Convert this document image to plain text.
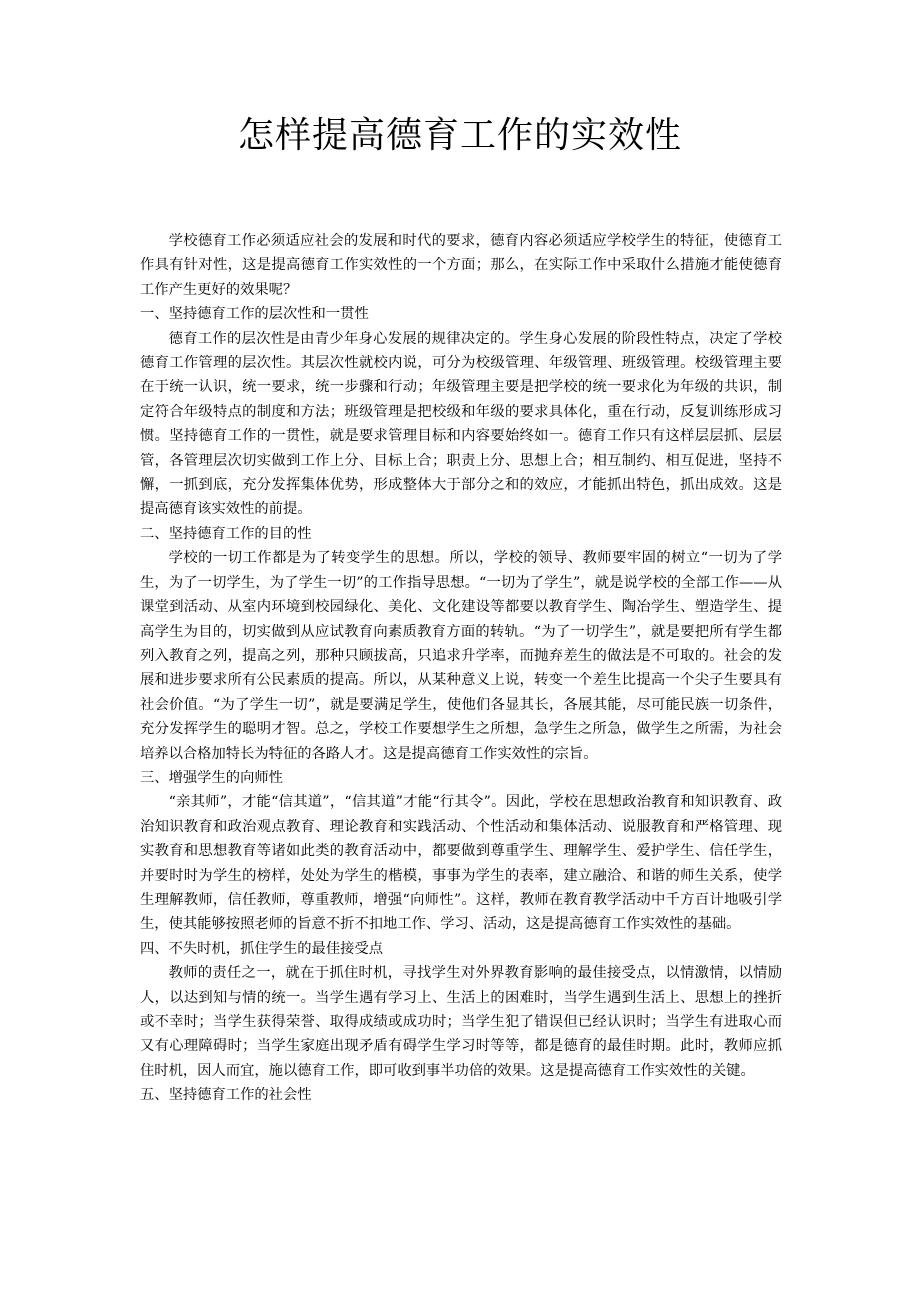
怎样提高德育工作的实效性

学校德育工作必须适应社会的发展和时代的要求，德育内容必须适应学校学生的特征，使德育工作具有针对性，这是提高德育工作实效性的一个方面；那么，在实际工作中采取什么措施才能使德育工作产生更好的效果呢？

一、坚持德育工作的层次性和一贯性

德育工作的层次性是由青少年身心发展的规律决定的。学生身心发展的阶段性特点，决定了学校德育工作管理的层次性。其层次性就校内说，可分为校级管理、年级管理、班级管理。校级管理主要在于统一认识，统一要求，统一步骤和行动；年级管理主要是把学校的统一要求化为年级的共识，制定符合年级特点的制度和方法；班级管理是把校级和年级的要求具体化，重在行动，反复训练形成习惯。坚持德育工作的一贯性，就是要求管理目标和内容要始终如一。德育工作只有这样层层抓、层层管，各管理层次切实做到工作上分、目标上合；职责上分、思想上合；相互制约、相互促进，坚持不懈，一抓到底，充分发挥集体优势，形成整体大于部分之和的效应，才能抓出特色，抓出成效。这是提高德育该实效性的前提。

二、坚持德育工作的目的性

学校的一切工作都是为了转变学生的思想。所以，学校的领导、教师要牢固的树立“一切为了学生，为了一切学生，为了学生一切”的工作指导思想。“一切为了学生”，就是说学校的全部工作——从课堂到活动、从室内环境到校园绿化、美化、文化建设等都要以教育学生、陶冶学生、塑造学生、提高学生为目的，切实做到从应试教育向素质教育方面的转轨。“为了一切学生”，就是要把所有学生都列入教育之列，提高之列，那种只顾拔高，只追求升学率，而抛弃差生的做法是不可取的。社会的发展和进步要求所有公民素质的提高。所以，从某种意义上说，转变一个差生比提高一个尖子生要具有社会价值。“为了学生一切”，就是要满足学生，使他们各显其长，各展其能，尽可能民族一切条件，充分发挥学生的聪明才智。总之，学校工作要想学生之所想，急学生之所急，做学生之所需，为社会培养以合格加特长为特征的各路人才。这是提高德育工作实效性的宗旨。

三、增强学生的向师性

“亲其师”，才能“信其道”，“信其道”才能“行其令”。因此，学校在思想政治教育和知识教育、政治知识教育和政治观点教育、理论教育和实践活动、个性活动和集体活动、说服教育和严格管理、现实教育和思想教育等诸如此类的教育活动中，都要做到尊重学生、理解学生、爱护学生、信任学生，并要时时为学生的榜样，处处为学生的楷模，事事为学生的表率，建立融洽、和谐的师生关系，使学生理解教师，信任教师，尊重教师，增强“向师性”。这样，教师在教育教学活动中千方百计地吸引学生，使其能够按照老师的旨意不折不扣地工作、学习、活动，这是提高德育工作实效性的基础。

四、不失时机，抓住学生的最佳接受点

教师的责任之一，就在于抓住时机，寻找学生对外界教育影响的最佳接受点，以情激情，以情励人，以达到知与情的统一。当学生遇有学习上、生活上的困难时，当学生遇到生活上、思想上的挫折或不幸时；当学生获得荣誉、取得成绩或成功时；当学生犯了错误但已经认识时；当学生有进取心而又有心理障碍时；当学生家庭出现矛盾有碍学生学习时等等，都是德育的最佳时期。此时，教师应抓住时机，因人而宜，施以德育工作，即可收到事半功倍的效果。这是提高德育工作实效性的关键。

五、坚持德育工作的社会性
